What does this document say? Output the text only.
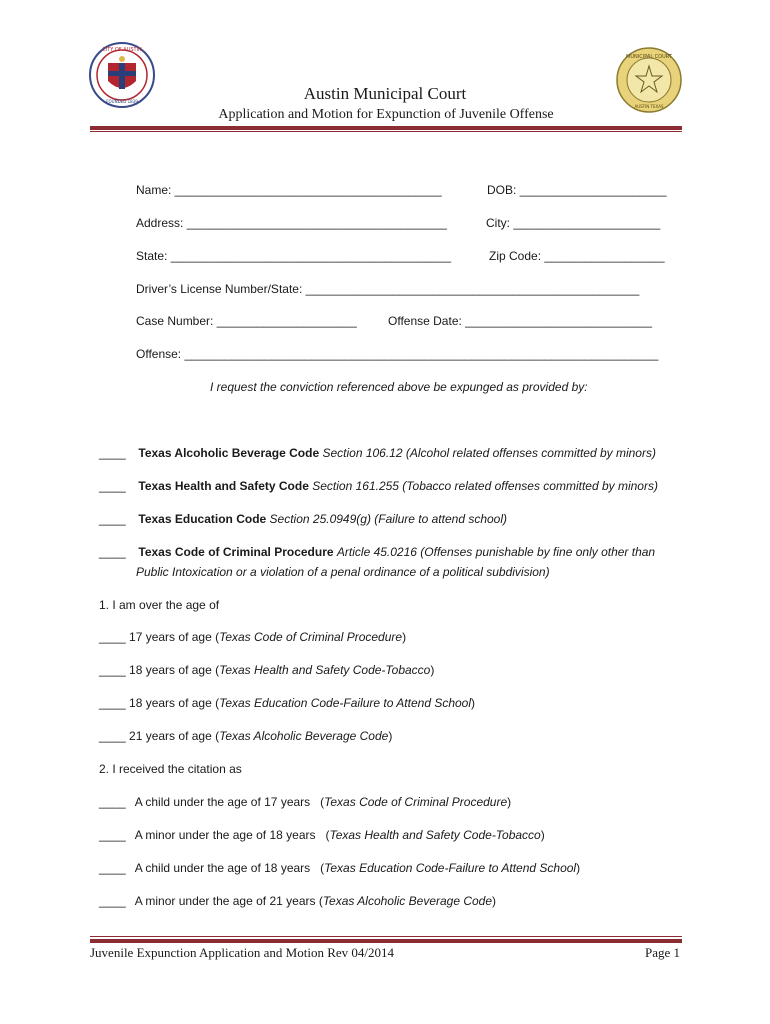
CITY OF AUSTIN
FOUNDED 1839
MUNICIPAL COURT
AUSTIN TEXAS
Austin Municipal Court
Application and Motion for Expunction of Juvenile Offense
Name: ________________________________________	DOB: ______________________
Address: _______________________________________	City: ______________________
State: __________________________________________	Zip Code: __________________
Driver’s License Number/State: __________________________________________________
Case Number: _____________________	Offense Date: ____________________________
Offense: _______________________________________________________________________
I request the conviction referenced above be expunged as provided by:
____ Texas Alcoholic Beverage Code Section 106.12 (Alcohol related offenses committed by minors)
____ Texas Health and Safety Code Section 161.255 (Tobacco related offenses committed by minors)
____ Texas Education Code Section 25.0949(g) (Failure to attend school)
____ Texas Code of Criminal Procedure Article 45.0216 (Offenses punishable by fine only other than
Public Intoxication or a violation of a penal ordinance of a political subdivision)
1. I am over the age of
____ 17 years of age (Texas Code of Criminal Procedure)
____ 18 years of age (Texas Health and Safety Code-Tobacco)
____ 18 years of age (Texas Education Code-Failure to Attend School)
____ 21 years of age (Texas Alcoholic Beverage Code)
2. I received the citation as
____ A child under the age of 17 years   (Texas Code of Criminal Procedure)
____ A minor under the age of 18 years   (Texas Health and Safety Code-Tobacco)
____ A child under the age of 18 years   (Texas Education Code-Failure to Attend School)
____ A minor under the age of 21 years (Texas Alcoholic Beverage Code)
Juvenile Expunction Application and Motion Rev 04/2014	Page 1
